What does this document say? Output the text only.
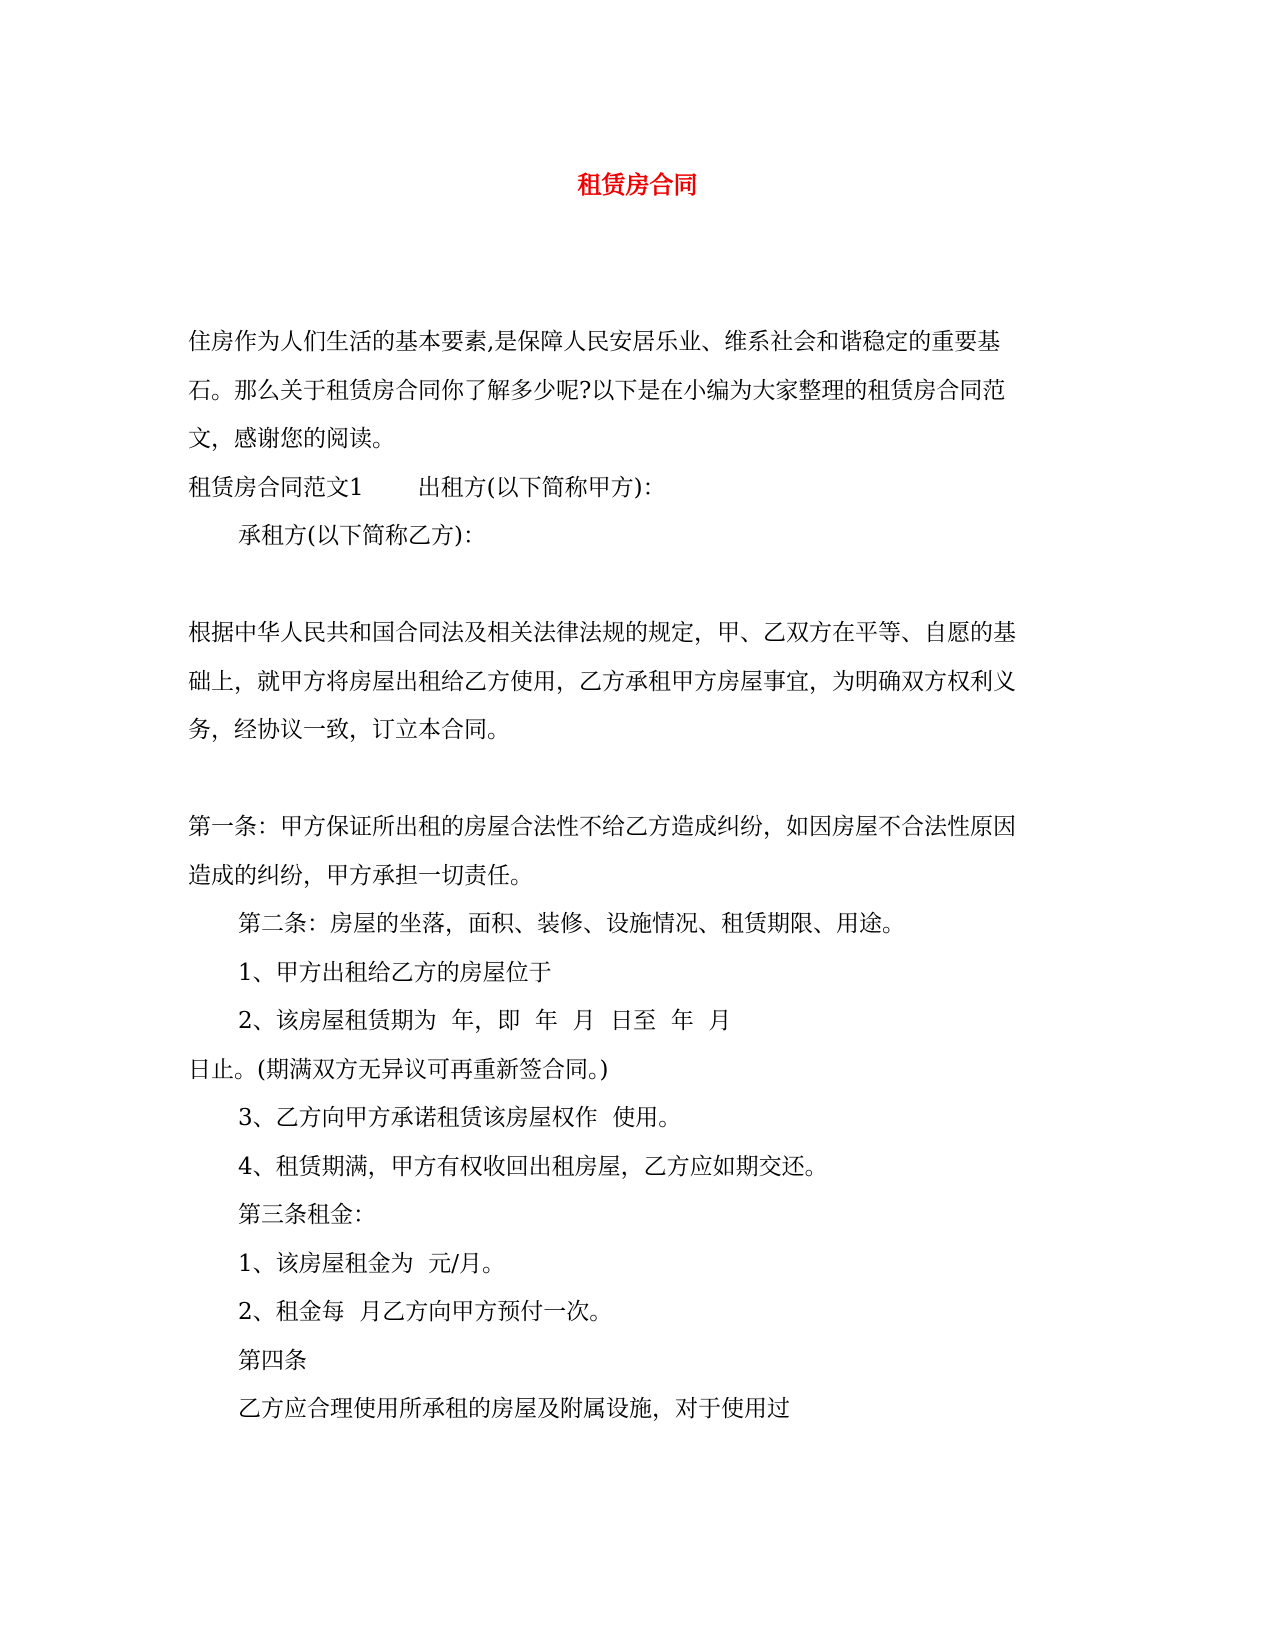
租赁房合同

住房作为人们生活的基本要素,是保障人民安居乐业、维系社会和谐稳定的重要基

石。那么关于租赁房合同你了解多少呢?以下是在小编为大家整理的租赁房合同范

文，感谢您的阅读。

租赁房合同范文1 出租方(以下简称甲方)：

承租方(以下简称乙方)：

根据中华人民共和国合同法及相关法律法规的规定，甲、乙双方在平等、自愿的基

础上，就甲方将房屋出租给乙方使用，乙方承租甲方房屋事宜，为明确双方权利义

务，经协议一致，订立本合同。

第一条：甲方保证所出租的房屋合法性不给乙方造成纠纷，如因房屋不合法性原因

造成的纠纷，甲方承担一切责任。

第二条：房屋的坐落，面积、装修、设施情况、租赁期限、用途。

1、甲方出租给乙方的房屋位于

2、该房屋租赁期为  年，即  年  月  日至  年  月

日止。(期满双方无异议可再重新签合同。)

3、乙方向甲方承诺租赁该房屋权作  使用。

4、租赁期满，甲方有权收回出租房屋，乙方应如期交还。

第三条租金：

1、该房屋租金为  元/月。

2、租金每  月乙方向甲方预付一次。

第四条

乙方应合理使用所承租的房屋及附属设施，对于使用过
